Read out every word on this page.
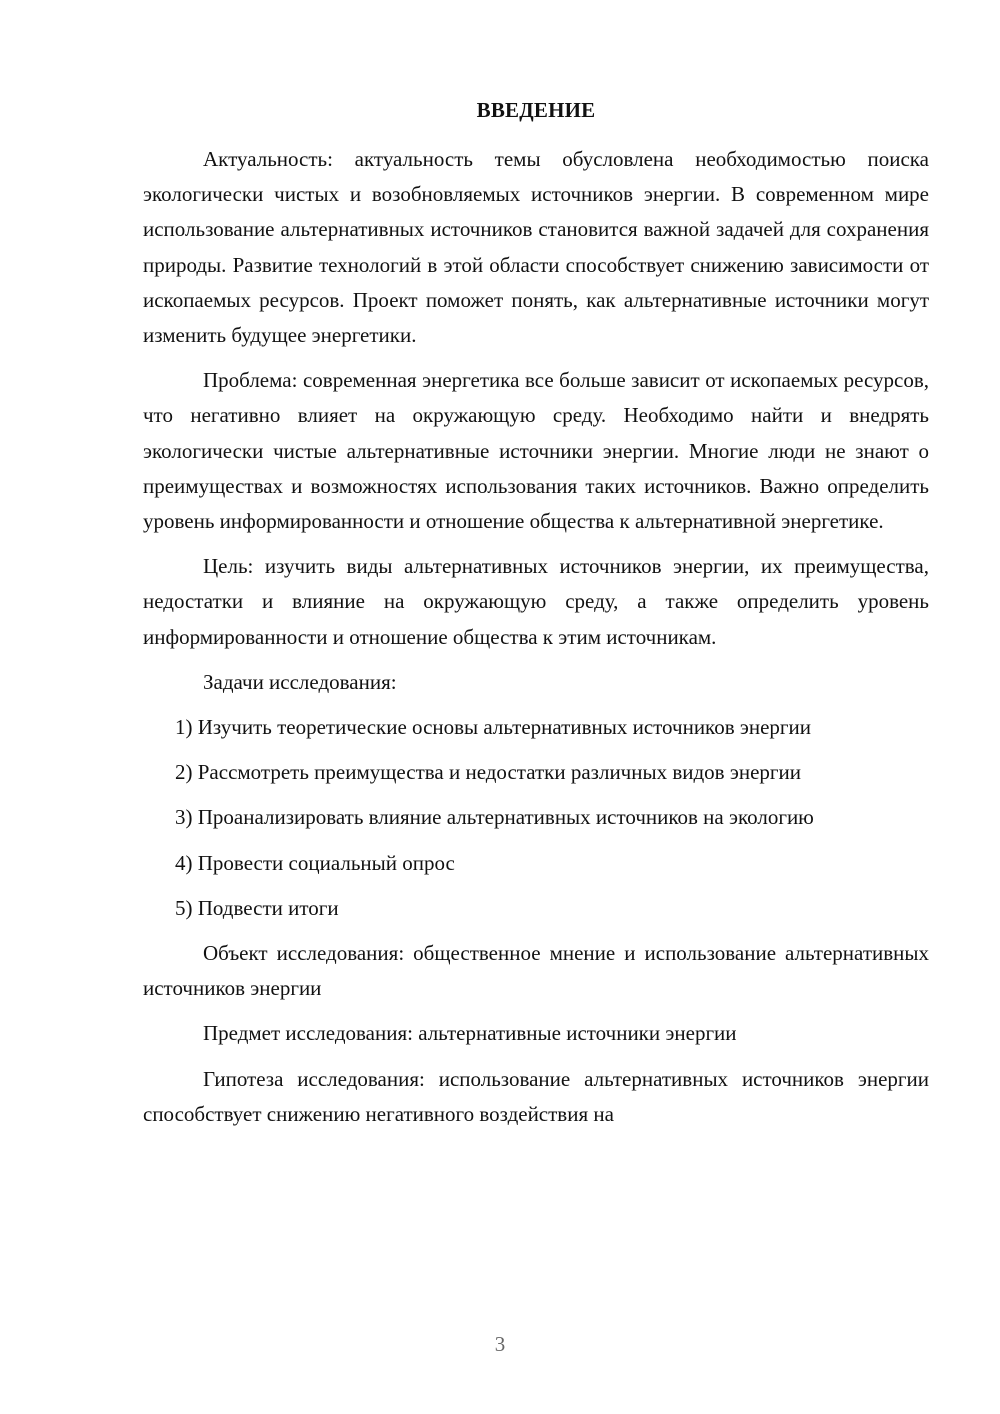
ВВЕДЕНИЕ

Актуальность: актуальность темы обусловлена необходимостью поиска экологически чистых и возобновляемых источников энергии. В современном мире использование альтернативных источников становится важной задачей для сохранения природы. Развитие технологий в этой области способствует снижению зависимости от ископаемых ресурсов. Проект поможет понять, как альтернативные источники могут изменить будущее энергетики.

Проблема: современная энергетика все больше зависит от ископаемых ресурсов, что негативно влияет на окружающую среду. Необходимо найти и внедрять экологически чистые альтернативные источники энергии. Многие люди не знают о преимуществах и возможностях использования таких источников. Важно определить уровень информированности и отношение общества к альтернативной энергетике.

Цель: изучить виды альтернативных источников энергии, их преимущества, недостатки и влияние на окружающую среду, а также определить уровень информированности и отношение общества к этим источникам.

Задачи исследования:

1) Изучить теоретические основы альтернативных источников энергии

2) Рассмотреть преимущества и недостатки различных видов энергии

3) Проанализировать влияние альтернативных источников на экологию

4) Провести социальный опрос

5) Подвести итоги

Объект исследования: общественное мнение и использование альтернативных источников энергии

Предмет исследования: альтернативные источники энергии

Гипотеза исследования: использование альтернативных источников энергии способствует снижению негативного воздействия на

3
